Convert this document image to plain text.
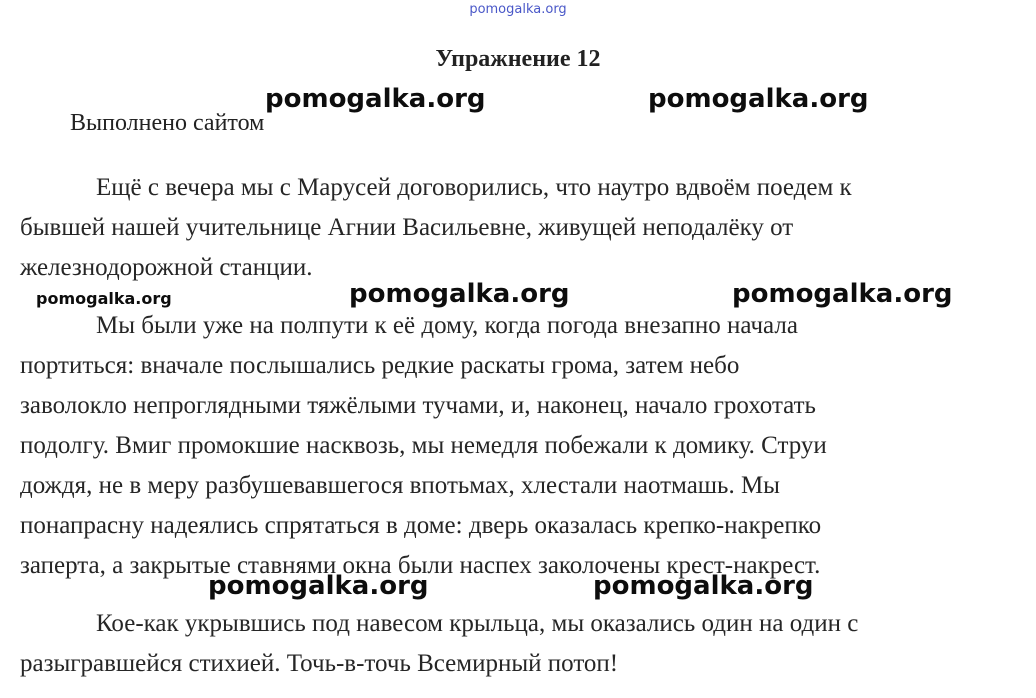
pomogalka.org
Упражнение 12
Выполнено сайтом
Ещё с вечера мы с Марусей договорились, что наутро вдвоём поедем к
бывшей нашей учительнице Агнии Васильевне, живущей неподалёку от
железнодорожной станции.
Мы были уже на полпути к её дому, когда погода внезапно начала
портиться: вначале послышались редкие раскаты грома, затем небо
заволокло непроглядными тяжёлыми тучами, и, наконец, начало грохотать
подолгу. Вмиг промокшие насквозь, мы немедля побежали к домику. Струи
дождя, не в меру разбушевавшегося впотьмах, хлестали наотмашь. Мы
понапрасну надеялись спрятаться в доме: дверь оказалась крепко-накрепко
заперта, а закрытые ставнями окна были наспех заколочены крест-накрест.
Кое-как укрывшись под навесом крыльца, мы оказались один на один с
разыгравшейся стихией. Точь-в-точь Всемирный потоп!
pomogalka.org	pomogalka.org
pomogalka.org	pomogalka.org	pomogalka.org
pomogalka.org	pomogalka.org
